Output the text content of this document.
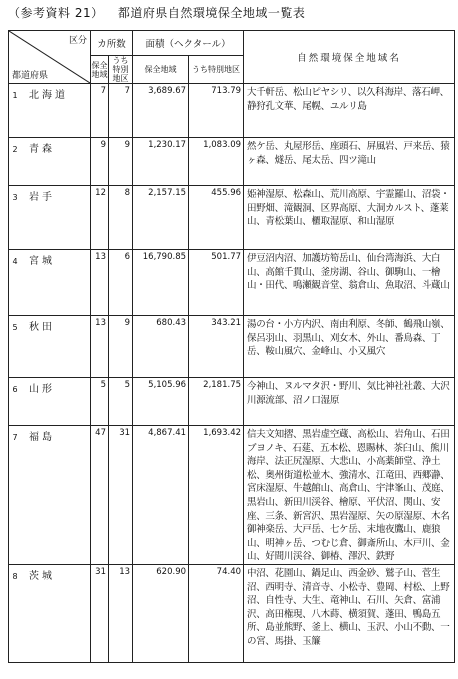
（参考資料 21） 都道府県自然環境保全地域一覧表
区分
都道府県	カ所数		面積（ヘクタール）		自然環境保全地域名
	保全地域	うち特別地区	保全地域	うち特別地区	
1 北海道	7	7	3,689.67	713.79	大千軒岳、松山ピヤシリ、以久科海岸、落石岬、静狩孔文華、尾幌、ユルリ島
2 青森	9	9	1,230.17	1,083.09	然ケ岳、丸屋形岳、座頭石、屏風岩、戸来岳、猿ヶ森、燧岳、尾太岳、四ツ滝山
3 岩手	12	8	2,157.15	455.96	姫神湿原、松森山、荒川高原、宇霊羅山、沼袋・田野畑、滝観洞、区界高原、大洞カルスト、蓬莱山、青松葉山、櫃取湿原、和山湿原
4 宮城	13	6	16,790.85	501.77	伊豆沼内沼、加護坊筍岳山、仙台湾海浜、大白山、高館千貫山、釜房湖、谷山、御駒山、一檜山・田代、鳴瀬観音堂、翁倉山、魚取沼、斗蔵山
5 秋田	13	9	680.43	343.21	湯の台・小方内沢、南由利原、冬師、鶴飛山嶺、保呂羽山、羽黒山、刈女木、外山、番鳥森、丁岳、鞍山風穴、金峰山、小又風穴
6 山形	5	5	5,105.96	2,181.75	今神山、ヌルマタ沢・野川、気比神社社叢、大沢川源流部、沼ノ口湿原
7 福島	47	31	4,867.41	1,693.42	信夫文知摺、黒岩虚空蔵、高松山、岩角山、石田ブヨノキ、石莚、五本松、恩賜林、茶臼山、熊川海岸、法正尻湿原、大悲山、小高薬師堂、浄土松、奥州街道松並木、強清水、江竜田、西郷瀞、宮床湿原、牛越館山、高倉山、宇津峯山、茂庭、黒岩山、新田川渓谷、檜原、平伏沼、関山、安座、三条、新宮沢、黒岩湿原、矢の原湿原、木名御神楽岳、大戸岳、七ケ岳、末地夜鷹山、鹿狼山、明神ヶ岳、つむじ倉、御斎所山、木戸川、金山、好間川渓谷、御椿、澤沢、鉄野
8 茨城	31	13	620.90	74.40	中沼、花園山、鍋足山、西金砂、鷲子山、菅生沼、西明寺、清音寺、小松寺、豊岡、村松、上野沼、自性寺、大生、竜神山、石川、矢倉、富浦沢、高田権現、八木蒔、横須賀、蓬田、鴨島五所、島並熊野、釜上、横山、玉沢、小山不動、一の宮、馬掛、玉簾
